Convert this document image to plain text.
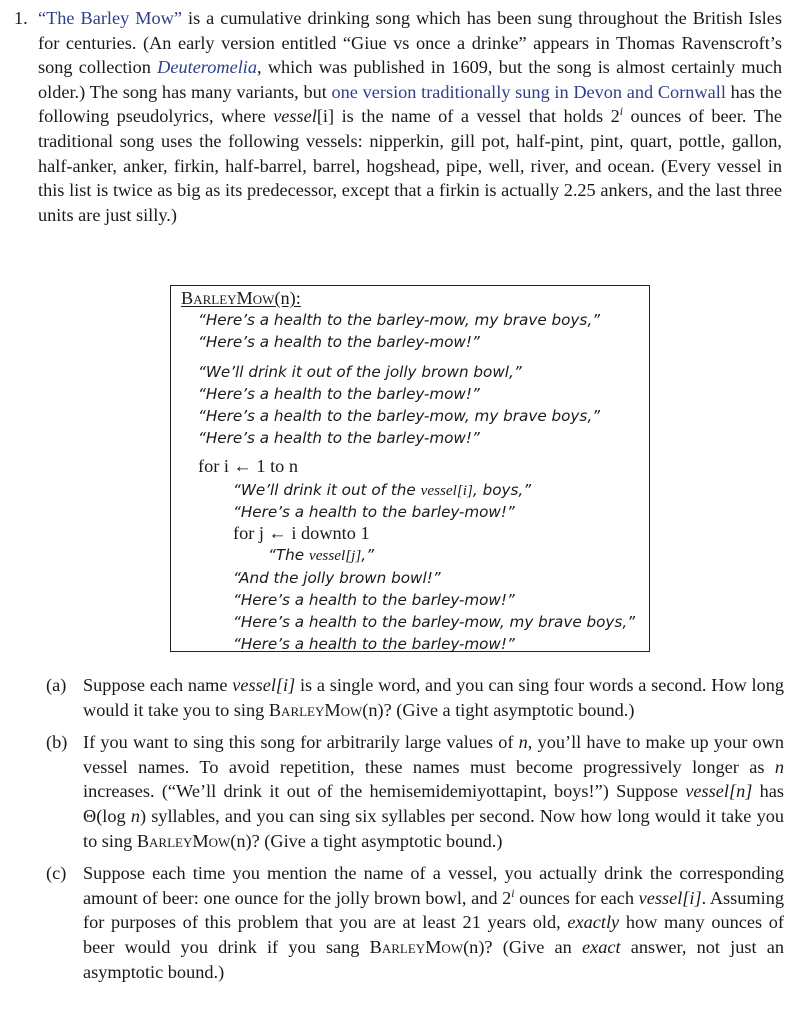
1. “The Barley Mow” is a cumulative drinking song which has been sung throughout the British Isles for centuries. (An early version entitled “Giue vs once a drinke” appears in Thomas Ravenscroft’s song collection Deuteromelia, which was published in 1609, but the song is almost certainly much older.) The song has many variants, but one version traditionally sung in Devon and Cornwall has the following pseudolyrics, where vessel[i] is the name of a vessel that holds 2$^i$ ounces of beer. The traditional song uses the following vessels: nipperkin, gill pot, half-pint, pint, quart, pottle, gallon, half-anker, anker, firkin, half-barrel, barrel, hogshead, pipe, well, river, and ocean. (Every vessel in this list is twice as big as its predecessor, except that a firkin is actually 2.25 ankers, and the last three units are just silly.)
BarleyMow(n):
“Here’s a health to the barley-mow, my brave boys,”
“Here’s a health to the barley-mow!”
“We’ll drink it out of the jolly brown bowl,”
“Here’s a health to the barley-mow!”
“Here’s a health to the barley-mow, my brave boys,”
“Here’s a health to the barley-mow!”
for i ← 1 to n
“We’ll drink it out of the vessel[i], boys,”
“Here’s a health to the barley-mow!”
for j ← i downto 1
“The vessel[j],”
“And the jolly brown bowl!”
“Here’s a health to the barley-mow!”
“Here’s a health to the barley-mow, my brave boys,”
“Here’s a health to the barley-mow!”
(a) Suppose each name vessel[i] is a single word, and you can sing four words a second. How long would it take you to sing BarleyMow(n)? (Give a tight asymptotic bound.)
(b) If you want to sing this song for arbitrarily large values of n, you’ll have to make up your own vessel names. To avoid repetition, these names must become progressively longer as n increases. (“We’ll drink it out of the hemisemidemiyottapint, boys!”) Suppose vessel[n] has Θ(log n) syllables, and you can sing six syllables per second. Now how long would it take you to sing BarleyMow(n)? (Give a tight asymptotic bound.)
(c) Suppose each time you mention the name of a vessel, you actually drink the corresponding amount of beer: one ounce for the jolly brown bowl, and 2$^i$ ounces for each vessel[i]. Assuming for purposes of this problem that you are at least 21 years old, exactly how many ounces of beer would you drink if you sang BarleyMow(n)? (Give an exact answer, not just an asymptotic bound.)
